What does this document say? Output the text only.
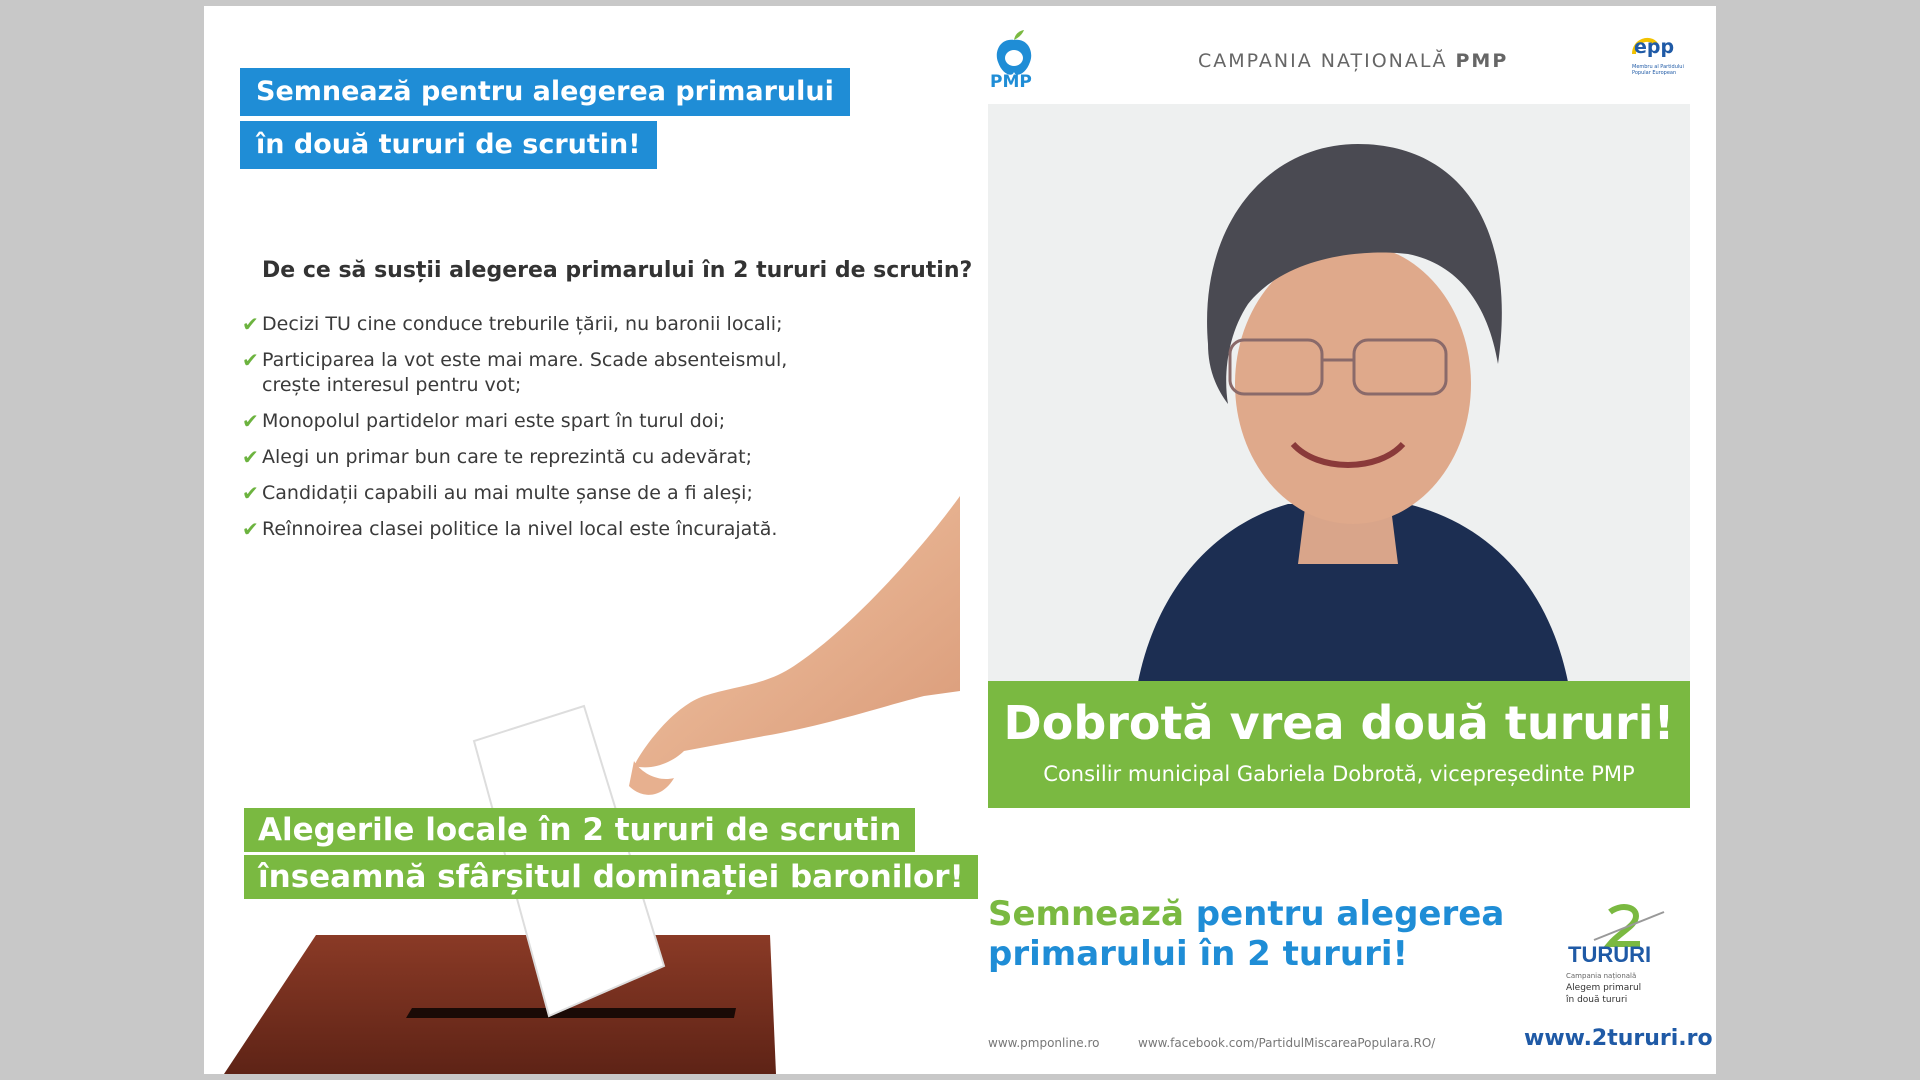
Semnează pentru alegerea primarului
în două tururi de scrutin!
De ce să susții alegerea primarului în 2 tururi de scrutin?
✔ Decizi TU cine conduce treburile țării, nu baronii locali;
✔ Participarea la vot este mai mare. Scade absenteismul, crește interesul pentru vot;
✔ Monopolul partidelor mari este spart în turul doi;
✔ Alegi un primar bun care te reprezintă cu adevărat;
✔ Candidații capabili au mai multe șanse de a fi aleși;
✔ Reînnoirea clasei politice la nivel local este încurajată.
Alegerile locale în 2 tururi de scrutin
înseamnă sfârșitul dominației baronilor!
PMP
CAMPANIA NAȚIONALĂ PMP
epp
Membru al Partidului Popular European
Dobrotă vrea două tururi!
Consilir municipal Gabriela Dobrotă, vicepreședinte PMP
Semnează pentru alegerea
primarului în 2 tururi!	TURURI
Campania națională
Alegem primarul
în două tururi
www.pmponline.ro	www.facebook.com/PartidulMiscareaPopulara.RO/	www.2tururi.ro
